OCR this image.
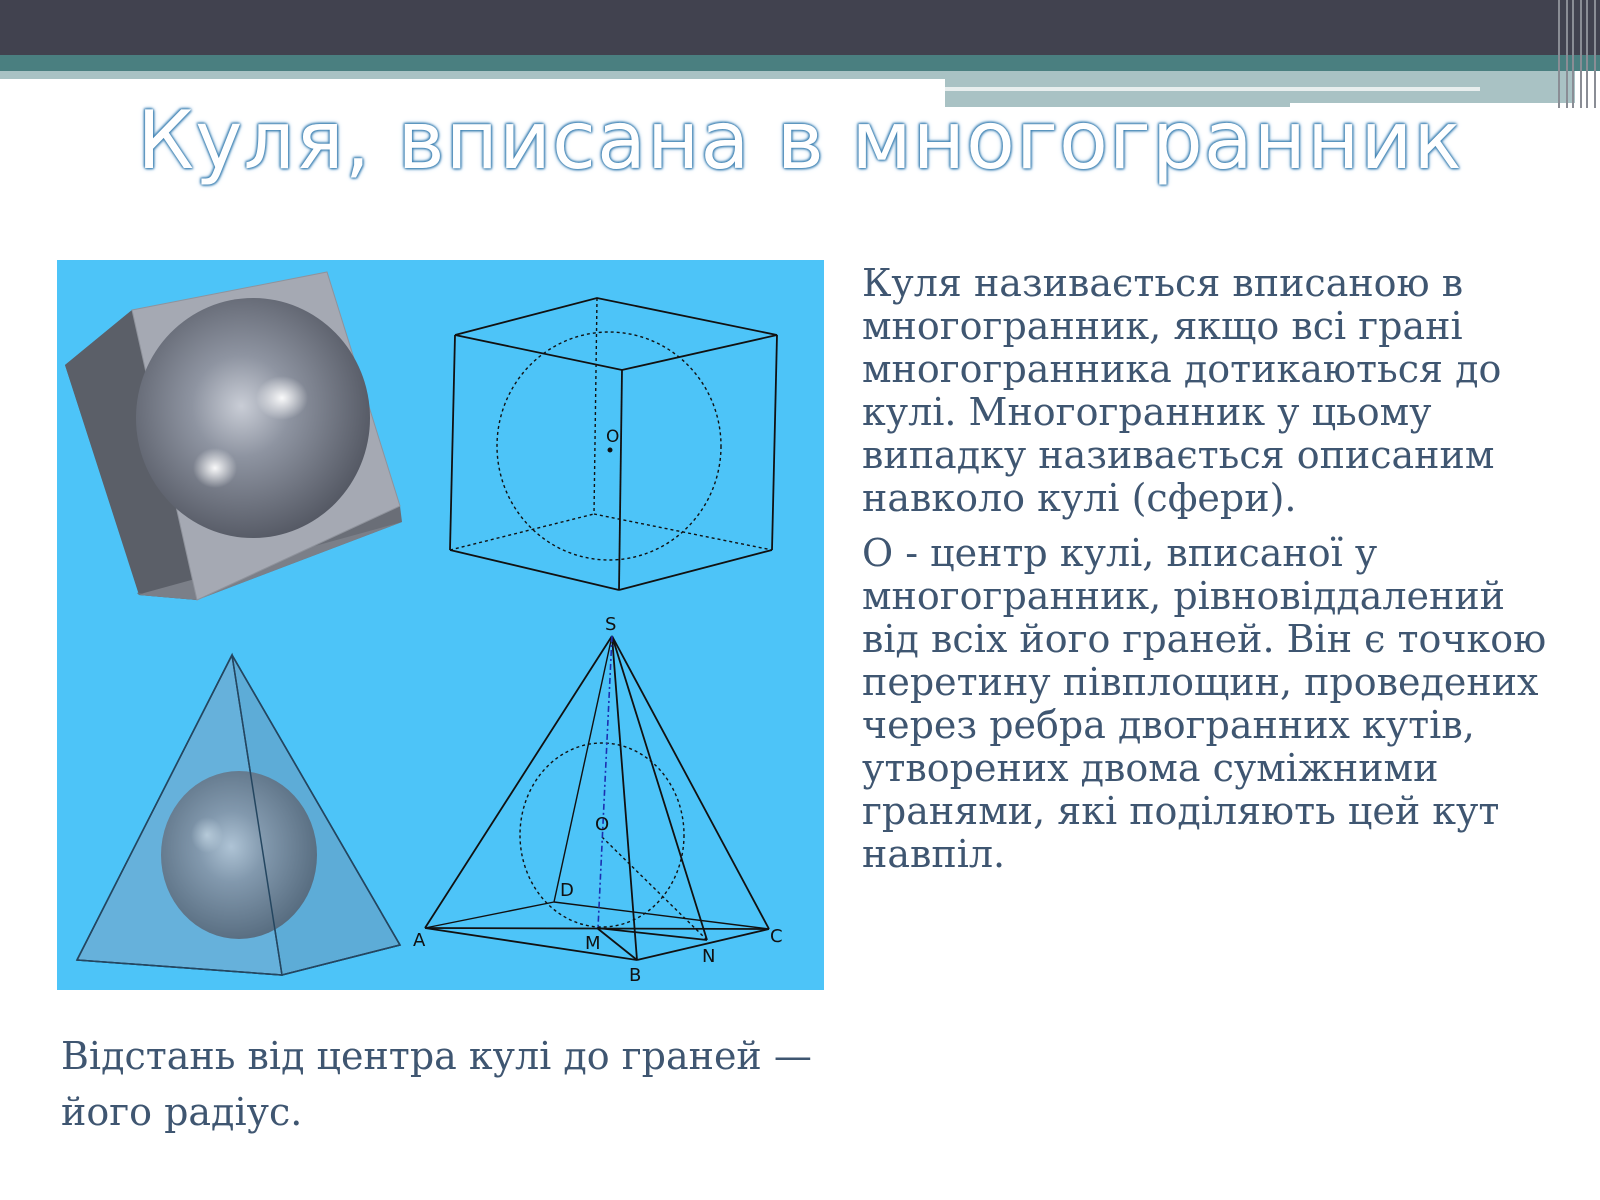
Куля, вписана в многогранник
O
S
O
A
B
C
D
M
N

Куля називається вписаною в многогранник, якщо всі грані многогранника дотикаються до кулі. Многогранник у цьому випадку називається описаним навколо кулі (сфери).

О - центр кулі, вписаної у многогранник, рівновіддалений від всіх його граней. Він є точкою перетину півплощин, проведених через ребра двогранних кутів, утворених двома суміжними гранями, які поділяють цей кут навпіл.

Відстань від центра кулі до граней — його радіус.
